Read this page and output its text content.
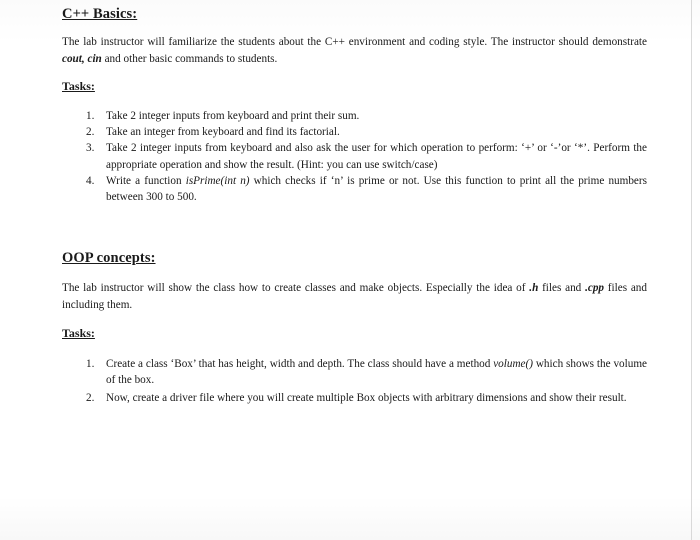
C++ Basics:

The lab instructor will familiarize the students about the C++ environment and coding style. The instructor should demonstrate cout, cin and other basic commands to students.

Tasks:

1. Take 2 integer inputs from keyboard and print their sum.
2. Take an integer from keyboard and find its factorial.
3. Take 2 integer inputs from keyboard and also ask the user for which operation to perform: ‘+’ or ‘-’or ‘*’. Perform the appropriate operation and show the result. (Hint: you can use switch/case)
4. Write a function isPrime(int n) which checks if ‘n’ is prime or not. Use this function to print all the prime numbers between 300 to 500.
OOP concepts:

The lab instructor will show the class how to create classes and make objects. Especially the idea of .h files and .cpp files and including them.

Tasks:

1. Create a class ‘Box’ that has height, width and depth. The class should have a method volume() which shows the volume of the box.
2. Now, create a driver file where you will create multiple Box objects with arbitrary dimensions and show their result.
